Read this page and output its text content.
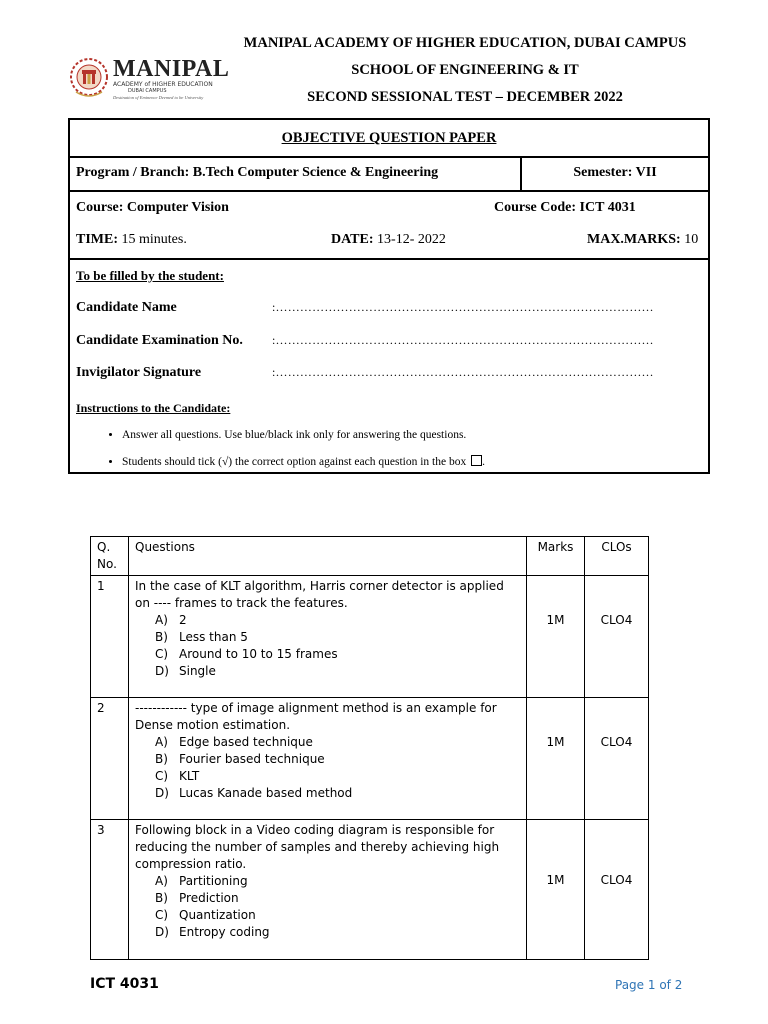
MANIPAL ACADEMY OF HIGHER EDUCATION, DUBAI CAMPUS
SCHOOL OF ENGINEERING & IT
SECOND SESSIONAL TEST – DECEMBER 2022
MANIPAL
ACADEMY of HIGHER EDUCATION
DUBAI CAMPUS
Destination of Eminence Deemed to be University
OBJECTIVE QUESTION PAPER
Program / Branch: B.Tech Computer Science & Engineering	Semester: VII
Course: Computer Vision	Course Code: ICT 4031
TIME: 15 minutes.	DATE: 13-12- 2022	MAX.MARKS: 10
To be filled by the student:
Candidate Name	:…………………………………………………………………………………
Candidate Examination No. :…………………………………………………………………………………
Invigilator Signature	:…………………………………………………………………………………
Instructions to the Candidate:
• Answer all questions. Use blue/black ink only for answering the questions.
• Students should tick (√) the correct option against each question in the box .
Q. No.	Questions	Marks	CLOs
1	In the case of KLT algorithm, Harris corner detector is applied on ---- frames to track the features.
A) 2
B) Less than 5
C) Around to 10 to 15 frames
D) Single	1M	CLO4
2	------------ type of image alignment method is an example for Dense motion estimation.
A) Edge based technique
B) Fourier based technique
C) KLT
D) Lucas Kanade based method	1M	CLO4
3	Following block in a Video coding diagram is responsible for reducing the number of samples and thereby achieving high compression ratio.
A) Partitioning
B) Prediction
C) Quantization
D) Entropy coding	1M	CLO4
ICT 4031	Page 1 of 2
